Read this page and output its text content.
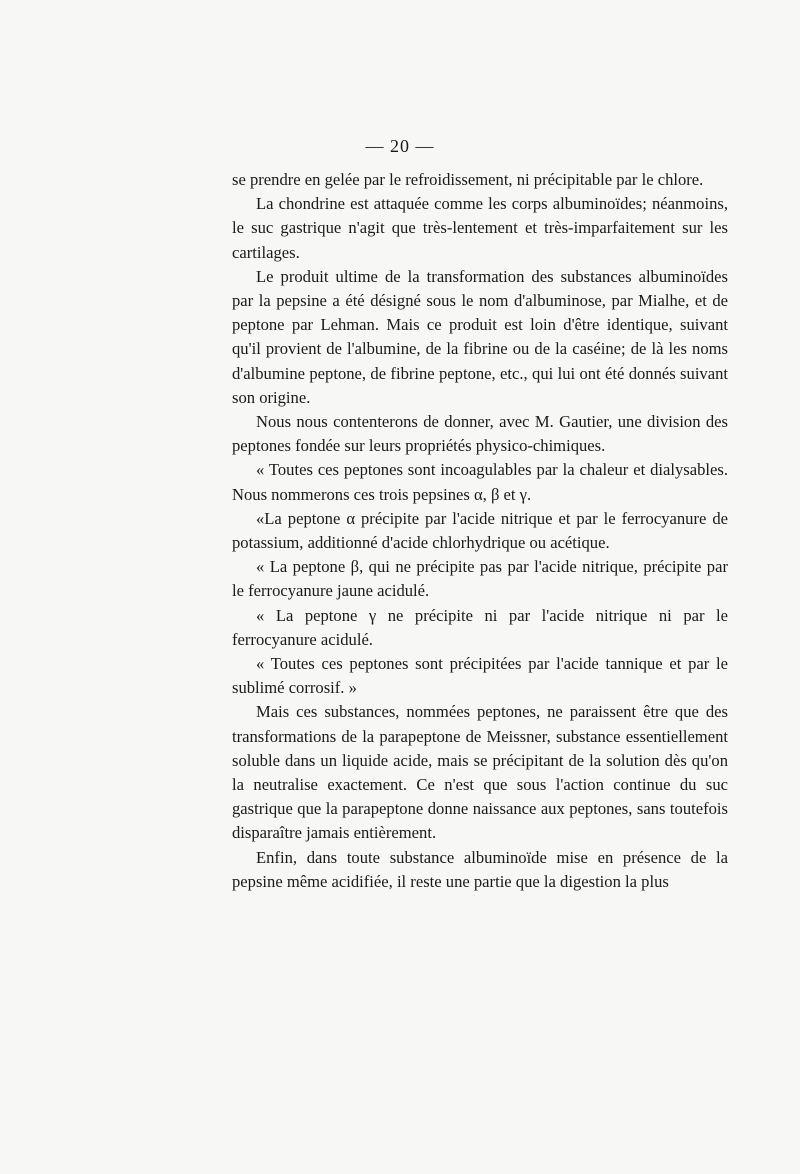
— 20 —

se prendre en gelée par le refroidissement, ni précipitable par le chlore.

La chondrine est attaquée comme les corps albuminoïdes; néanmoins, le suc gastrique n'agit que très-lentement et très-imparfaitement sur les cartilages.

Le produit ultime de la transformation des substances albuminoïdes par la pepsine a été désigné sous le nom d'albuminose, par Mialhe, et de peptone par Lehman. Mais ce produit est loin d'être identique, suivant qu'il provient de l'albumine, de la fibrine ou de la caséine; de là les noms d'albumine peptone, de fibrine peptone, etc., qui lui ont été donnés suivant son origine.

Nous nous contenterons de donner, avec M. Gautier, une division des peptones fondée sur leurs propriétés physico-chimiques.

« Toutes ces peptones sont incoagulables par la chaleur et dialysables. Nous nommerons ces trois pepsines α, β et γ.

«La peptone α précipite par l'acide nitrique et par le ferrocyanure de potassium, additionné d'acide chlorhydrique ou acétique.

« La peptone β, qui ne précipite pas par l'acide nitrique, précipite par le ferrocyanure jaune acidulé.

« La peptone γ ne précipite ni par l'acide nitrique ni par le ferrocyanure acidulé.

« Toutes ces peptones sont précipitées par l'acide tannique et par le sublimé corrosif. »

Mais ces substances, nommées peptones, ne paraissent être que des transformations de la parapeptone de Meissner, substance essentiellement soluble dans un liquide acide, mais se précipitant de la solution dès qu'on la neutralise exactement. Ce n'est que sous l'action continue du suc gastrique que la parapeptone donne naissance aux peptones, sans toutefois disparaître jamais entièrement.

Enfin, dans toute substance albuminoïde mise en présence de la pepsine même acidifiée, il reste une partie que la digestion la plus
